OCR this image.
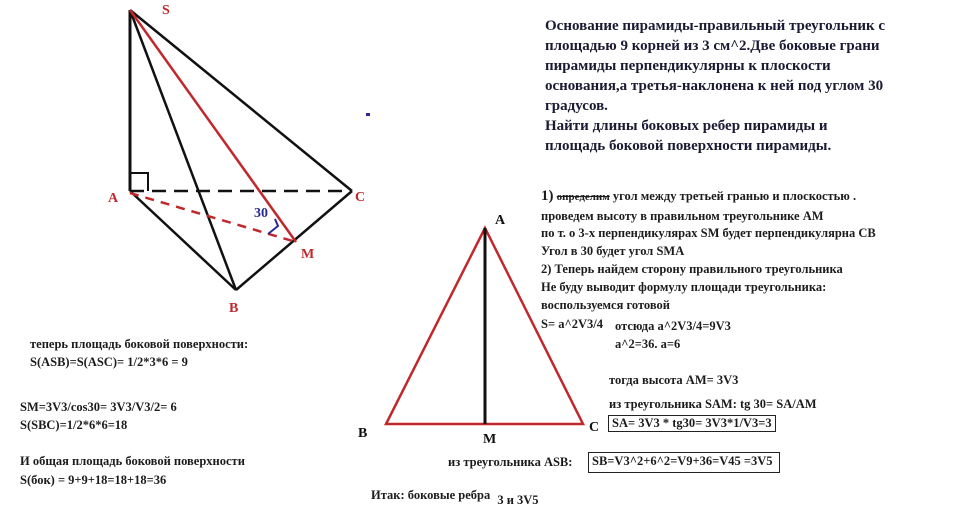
S
A
B
C
M
30	A
B	C
M
Основание пирамиды-правильный треугольник с
площадью 9 корней из 3 см^2.Две боковые грани
пирамиды перпендикулярны к плоскости
основания,а третья-наклонена к ней под углом 30
градусов.
Найти длины боковых ребер пирамиды и
площадь боковой поверхности пирамиды.
1) определим угол между третьей гранью и плоскостью .
проведем высоту в правильном треугольнике AM
по т. о 3-х перпендикулярах SM будет перпендикулярна CB
Угол в 30 будет угол SMA
2) Теперь найдем сторону правильного треугольника
Не буду выводит формулу площади треугольника:
воспользуемся готовой
S= a^2V3/4 отсюда a^2V3/4=9V3
a^2=36. a=6
тогда высота AM= 3V3
из треугольника SAM: tg 30= SA/AM
SA= 3V3 * tg30= 3V3*1/V3=3
из треугольника ASB:	SB=V3^2+6^2=V9+36=V45 =3V5
Итак: боковые ребра 3 и 3V5
теперь площадь боковой поверхности:
S(ASB)=S(ASC)= 1/2*3*6 = 9
SM=3V3/cos30= 3V3/V3/2= 6
S(SBC)=1/2*6*6=18
И общая площадь боковой поверхности
S(бок) = 9+9+18=18+18=36
